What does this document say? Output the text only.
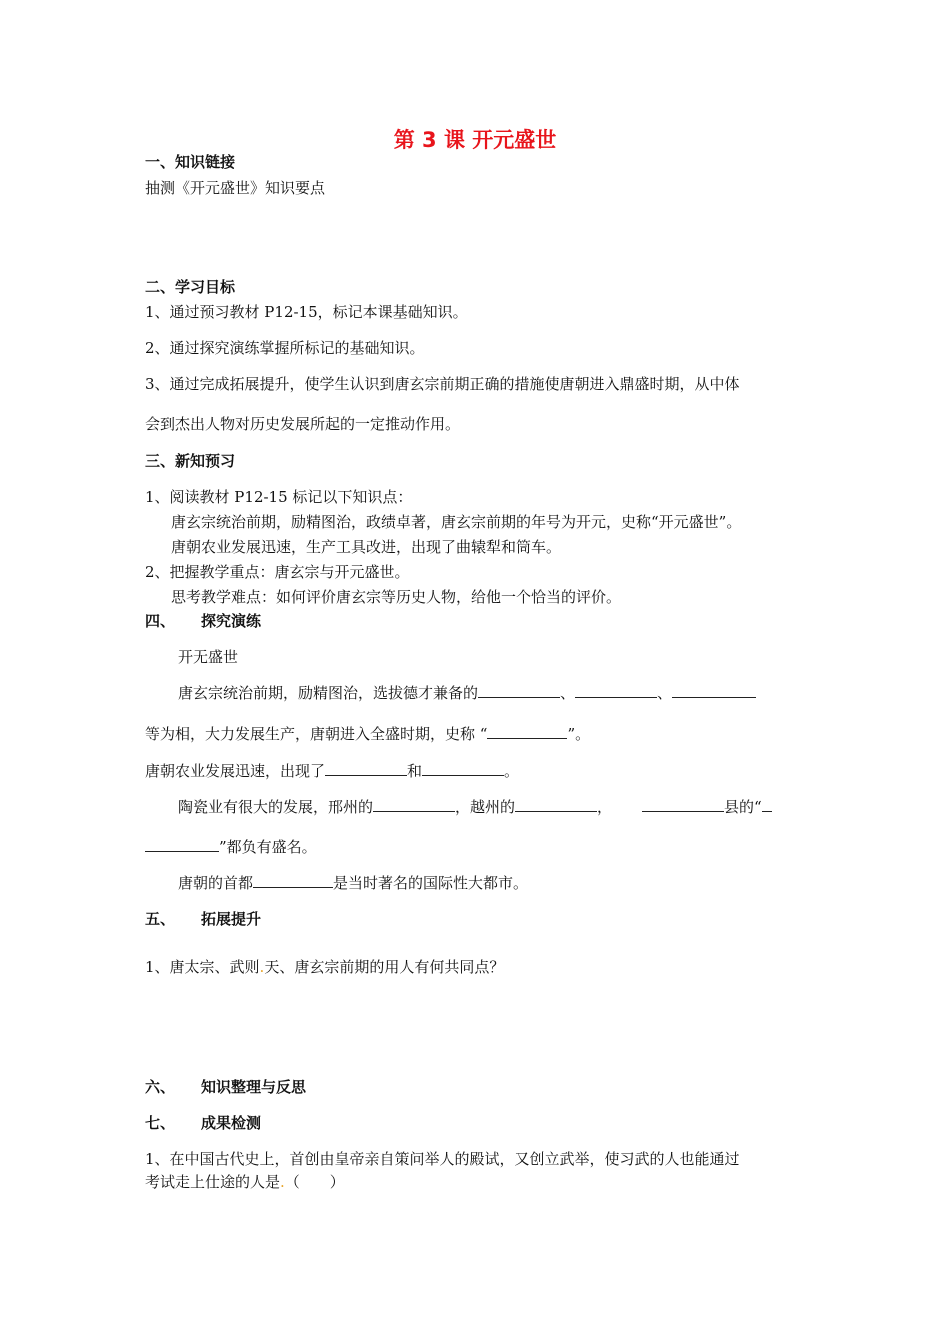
第 3 课 开元盛世
一、知识链接
抽测《开元盛世》知识要点
二、学习目标
1、通过预习教材 P12-15，标记本课基础知识。
2、通过探究演练掌握所标记的基础知识。
3、通过完成拓展提升，使学生认识到唐玄宗前期正确的措施使唐朝进入鼎盛时期，从中体
会到杰出人物对历史发展所起的一定推动作用。
三、新知预习
1、阅读教材 P12-15 标记以下知识点：
唐玄宗统治前期，励精图治，政绩卓著，唐玄宗前期的年号为开元，史称“开元盛世”。
唐朝农业发展迅速，生产工具改进，出现了曲辕犁和筒车。
2、把握教学重点：唐玄宗与开元盛世。
思考教学难点：如何评价唐玄宗等历史人物，给他一个恰当的评价。
四、 探究演练
开无盛世
唐玄宗统治前期，励精图治，选拔德才兼备的	、	、
等为相，大力发展生产，唐朝进入全盛时期，史称 “	”。
唐朝农业发展迅速，出现了	和	。
陶瓷业有很大的发展，邢州的	，越州的	，	县的“
”都负有盛名。
唐朝的首都	是当时著名的国际性大都市。
五、 拓展提升
1、唐太宗、武则.天、唐玄宗前期的用人有何共同点？
六、 知识整理与反思
七、 成果检测
1、在中国古代史上，首创由皇帝亲自策问举人的殿试，又创立武举，使习武的人也能通过
考试走上仕途的人是.（　　）
